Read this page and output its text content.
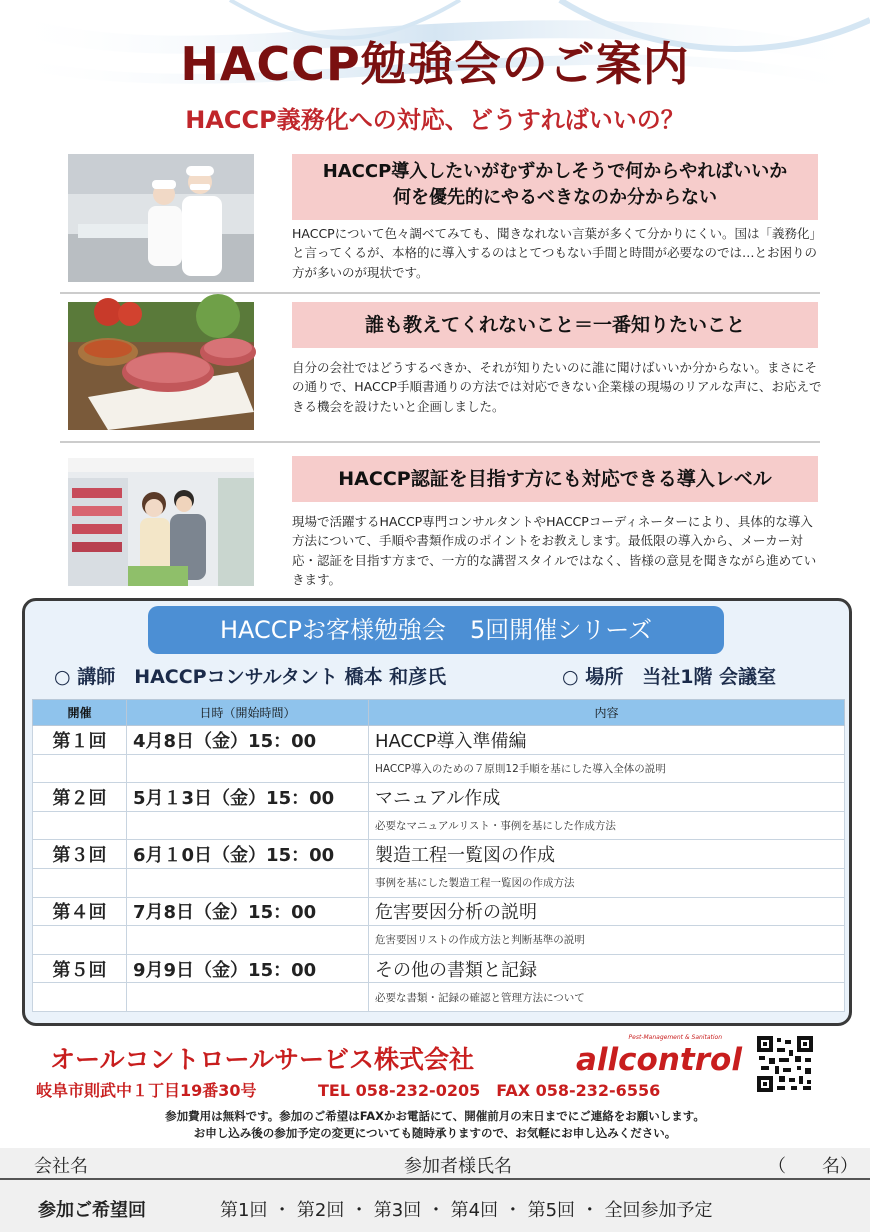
HACCP勉強会のご案内
HACCP義務化への対応、どうすればいいの？
HACCP導入したいがむずかしそうで何からやればいいか
何を優先的にやるべきなのか分からない
HACCPについて色々調べてみても、聞きなれない言葉が多くて分かりにくい。国は「義務化」と言ってくるが、本格的に導入するのはとてつもない手間と時間が必要なのでは…とお困りの方が多いのが現状です。
誰も教えてくれないこと＝一番知りたいこと
自分の会社ではどうするべきか、それが知りたいのに誰に聞けばいいか分からない。まさにその通りで、HACCP手順書通りの方法では対応できない企業様の現場のリアルな声に、お応えできる機会を設けたいと企画しました。
HACCP認証を目指す方にも対応できる導入レベル
現場で活躍するHACCP専門コンサルタントやHACCPコーディネーターにより、具体的な導入方法について、手順や書類作成のポイントをお教えします。最低限の導入から、メーカー対応・認証を目指す方まで、一方的な講習スタイルではなく、皆様の意見を聞きながら進めていきます。
HACCPお客様勉強会　5回開催シリーズ
○ 講師　HACCPコンサルタント 橋本 和彦氏	○ 場所　当社1階 会議室
開催	日時（開始時間）	内容
第１回	4月8日（金）15：00	HACCP導入準備編
		HACCP導入のための７原則12手順を基にした導入全体の説明
第２回	5月１3日（金）15：00	マニュアル作成
		必要なマニュアルリスト・事例を基にした作成方法
第３回	6月１0日（金）15：00	製造工程一覧図の作成
		事例を基にした製造工程一覧図の作成方法
第４回	7月8日（金）15：00	危害要因分析の説明
		危害要因リストの作成方法と判断基準の説明
第５回	9月9日（金）15：00	その他の書類と記録
		必要な書類・記録の確認と管理方法について
オールコントロールサービス株式会社
Pest-Management & Sanitation
allcontrol
岐阜市則武中１丁目19番30号	TEL 058-232-0205　FAX 058-232-6556
参加費用は無料です。参加のご希望はFAXかお電話にて、開催前月の末日までにご連絡をお願いします。
お申し込み後の参加予定の変更についても随時承りますので、お気軽にお申し込みください。
会社名	参加者様氏名	（　　名）
参加ご希望回	第1回 ・ 第2回 ・ 第3回 ・ 第4回 ・ 第5回 ・ 全回参加予定
